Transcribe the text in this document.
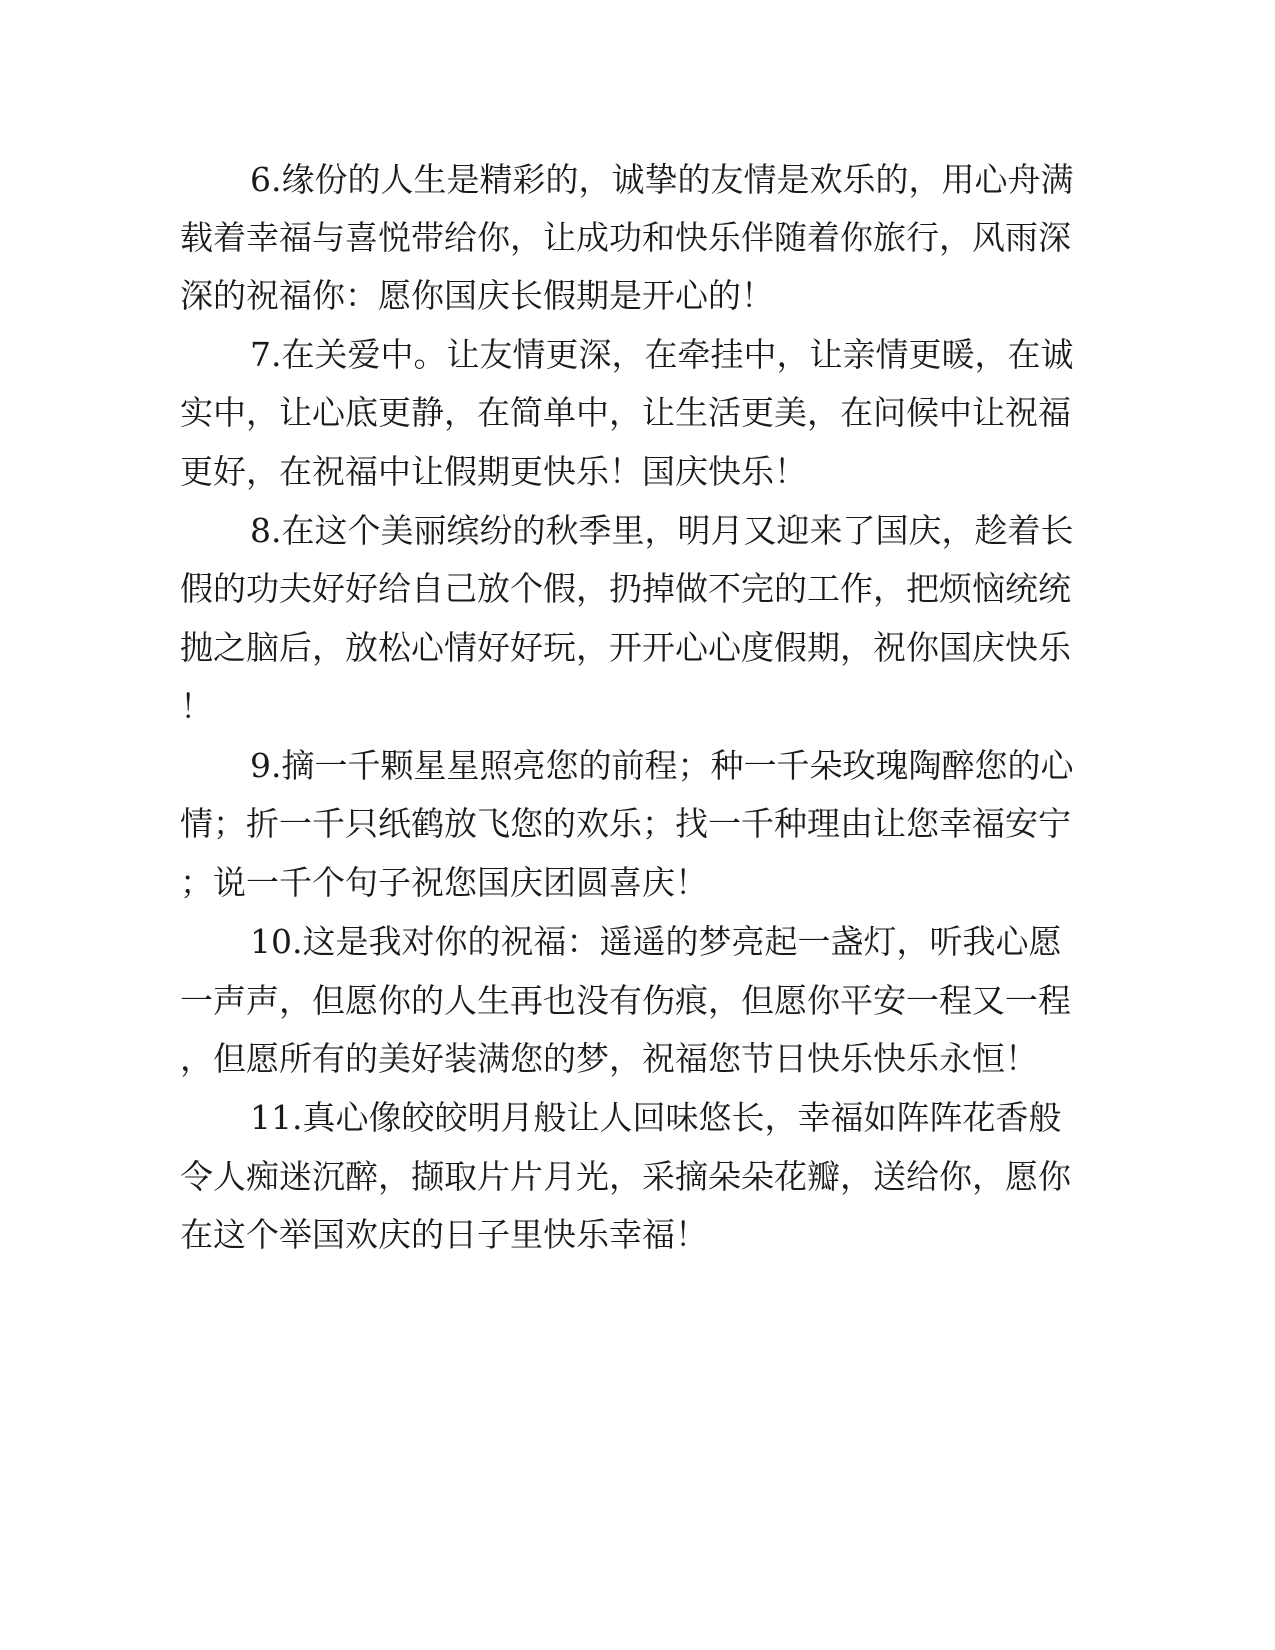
6.缘份的人生是精彩的，诚挚的友情是欢乐的，用心舟满
载着幸福与喜悦带给你，让成功和快乐伴随着你旅行，风雨深
深的祝福你：愿你国庆长假期是开心的！
7.在关爱中。让友情更深，在牵挂中，让亲情更暖，在诚
实中，让心底更静，在简单中，让生活更美，在问候中让祝福
更好，在祝福中让假期更快乐！国庆快乐！
8.在这个美丽缤纷的秋季里，明月又迎来了国庆，趁着长
假的功夫好好给自己放个假，扔掉做不完的工作，把烦恼统统
抛之脑后，放松心情好好玩，开开心心度假期，祝你国庆快乐
！
9.摘一千颗星星照亮您的前程；种一千朵玫瑰陶醉您的心
情；折一千只纸鹤放飞您的欢乐；找一千种理由让您幸福安宁
；说一千个句子祝您国庆团圆喜庆！
10.这是我对你的祝福：遥遥的梦亮起一盏灯，听我心愿
一声声，但愿你的人生再也没有伤痕，但愿你平安一程又一程
，但愿所有的美好装满您的梦，祝福您节日快乐快乐永恒！
11.真心像皎皎明月般让人回味悠长，幸福如阵阵花香般
令人痴迷沉醉，撷取片片月光，采摘朵朵花瓣，送给你，愿你
在这个举国欢庆的日子里快乐幸福！
